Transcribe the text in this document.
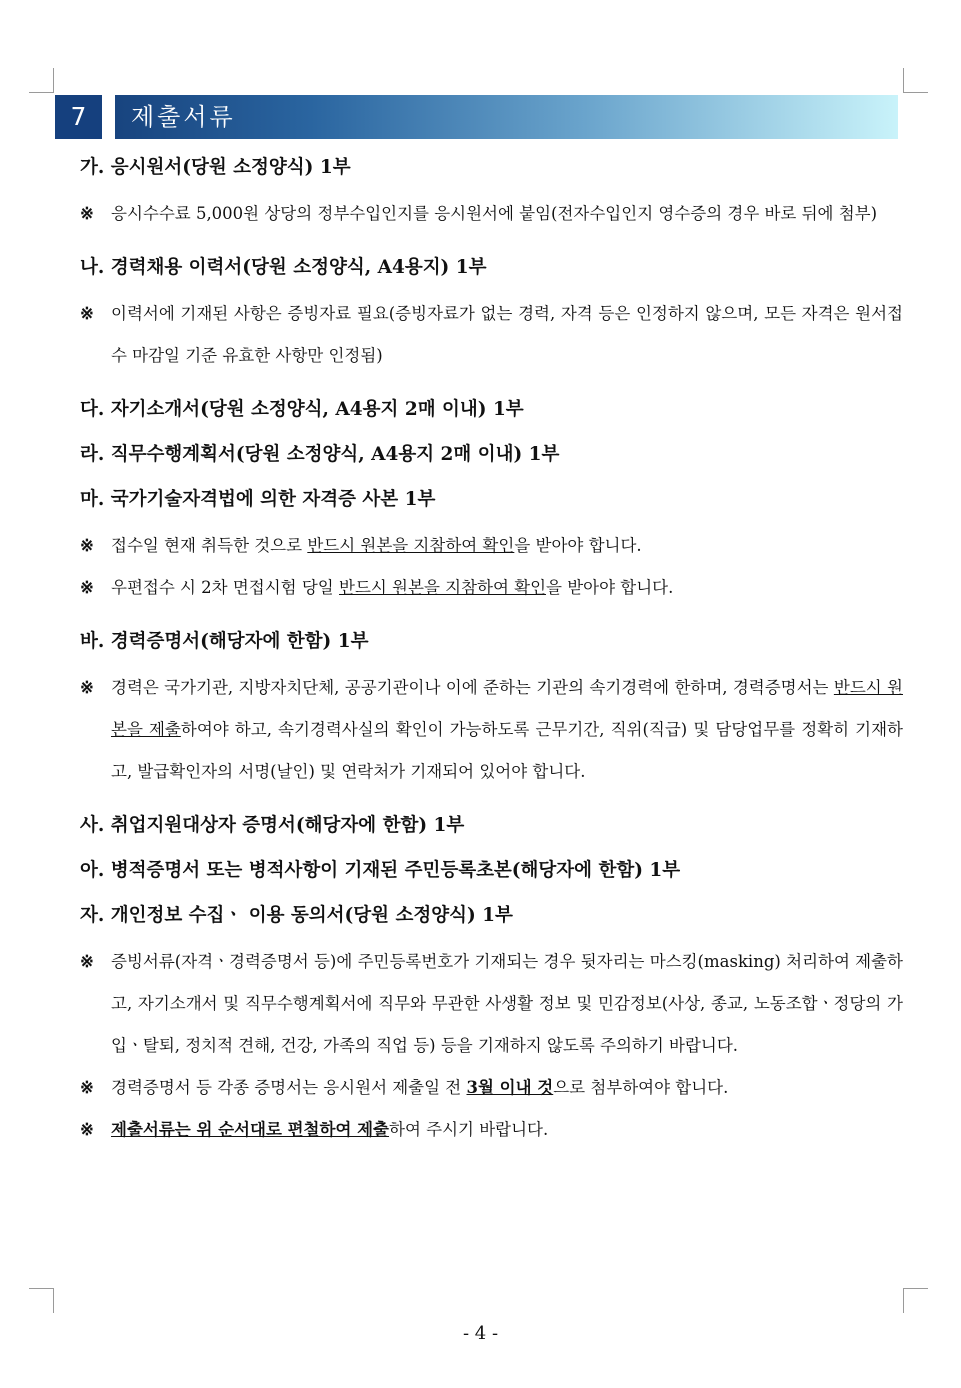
7	제출서류
가. 응시원서(당원 소정양식) 1부
※	응시수수료 5,000원 상당의 정부수입인지를 응시원서에 붙임(전자수입인지 영수증의 경우 바로 뒤에 첨부)
나. 경력채용 이력서(당원 소정양식, A4용지) 1부
※	이력서에 기재된 사항은 증빙자료 필요(증빙자료가 없는 경력, 자격 등은 인정하지 않으며, 모든 자격은 원서접수 마감일 기준 유효한 사항만 인정됨)
다. 자기소개서(당원 소정양식, A4용지 2매 이내) 1부
라. 직무수행계획서(당원 소정양식, A4용지 2매 이내) 1부
마. 국가기술자격법에 의한 자격증 사본 1부
※	접수일 현재 취득한 것으로 반드시 원본을 지참하여 확인을 받아야 합니다.
※	우편접수 시 2차 면접시험 당일 반드시 원본을 지참하여 확인을 받아야 합니다.
바. 경력증명서(해당자에 한함) 1부
※	경력은 국가기관, 지방자치단체, 공공기관이나 이에 준하는 기관의 속기경력에 한하며, 경력증명서는 반드시 원본을 제출하여야 하고, 속기경력사실의 확인이 가능하도록 근무기간, 직위(직급) 및 담당업무를 정확히 기재하고, 발급확인자의 서명(날인) 및 연락처가 기재되어 있어야 합니다.
사. 취업지원대상자 증명서(해당자에 한함) 1부
아. 병적증명서 또는 병적사항이 기재된 주민등록초본(해당자에 한함) 1부
자. 개인정보 수집ㆍ 이용 동의서(당원 소정양식) 1부
※	증빙서류(자격ㆍ경력증명서 등)에 주민등록번호가 기재되는 경우 뒷자리는 마스킹(masking) 처리하여 제출하고, 자기소개서 및 직무수행계획서에 직무와 무관한 사생활 정보 및 민감정보(사상, 종교, 노동조합ㆍ정당의 가입ㆍ탈퇴, 정치적 견해, 건강, 가족의 직업 등) 등을 기재하지 않도록 주의하기 바랍니다.
※	경력증명서 등 각종 증명서는 응시원서 제출일 전 3월 이내 것으로 첨부하여야 합니다.
※	제출서류는 위 순서대로 편철하여 제출하여 주시기 바랍니다.
- 4 -
